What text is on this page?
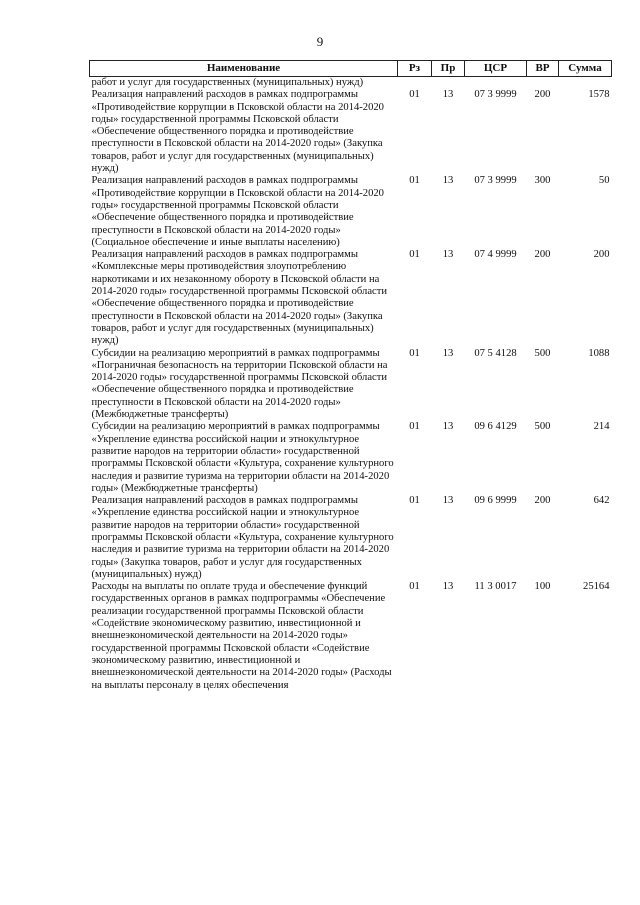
9
Наименование	Рз	Пр	ЦСР	ВР	Сумма
работ и услуг для государственных (муниципальных) нужд)					
Реализация направлений расходов в рамках подпрограммы «Противодействие коррупции в Псковской области на 2014-2020 годы» государственной программы Псковской области «Обеспечение общественного порядка и противодействие преступности в Псковской области на 2014-2020 годы» (Закупка товаров, работ и услуг для государственных (муниципальных) нужд)	01	13	07 3 9999	200	1578
Реализация направлений расходов в рамках подпрограммы «Противодействие коррупции в Псковской области на 2014-2020 годы» государственной программы Псковской области «Обеспечение общественного порядка и противодействие преступности в Псковской области на 2014-2020 годы» (Социальное обеспечение и иные выплаты населению)	01	13	07 3 9999	300	50
Реализация направлений расходов в рамках подпрограммы «Комплексные меры противодействия злоупотреблению наркотиками и их незаконному обороту в Псковской области на 2014-2020 годы» государственной программы Псковской области «Обеспечение общественного порядка и противодействие преступности в Псковской области на 2014-2020 годы» (Закупка товаров, работ и услуг для государственных (муниципальных) нужд)	01	13	07 4 9999	200	200
Субсидии на реализацию мероприятий в рамках подпрограммы «Пограничная безопасность на территории Псковской области на 2014-2020 годы» государственной программы Псковской области «Обеспечение общественного порядка и противодействие преступности в Псковской области на 2014-2020 годы» (Межбюджетные трансферты)	01	13	07 5 4128	500	1088
Субсидии на реализацию мероприятий в рамках подпрограммы «Укрепление единства российской нации и этнокультурное развитие народов на территории области» государственной программы Псковской области «Культура, сохранение культурного наследия и развитие туризма на территории области на 2014-2020 годы» (Межбюджетные трансферты)	01	13	09 6 4129	500	214
Реализация направлений расходов в рамках подпрограммы «Укрепление единства российской нации и этнокультурное развитие народов на территории области» государственной программы Псковской области «Культура, сохранение культурного наследия и развитие туризма на территории области на 2014-2020 годы» (Закупка товаров, работ и услуг для государственных (муниципальных) нужд)	01	13	09 6 9999	200	642
Расходы на выплаты по оплате труда и обеспечение функций государственных органов в рамках подпрограммы «Обеспечение реализации государственной программы Псковской области «Содействие экономическому развитию, инвестиционной и внешнеэкономической деятельности на 2014-2020 годы» государственной программы Псковской области «Содействие экономическому развитию, инвестиционной и внешнеэкономической деятельности на 2014-2020 годы» (Расходы на выплаты персоналу в целях обеспечения	01	13	11 3 0017	100	25164
